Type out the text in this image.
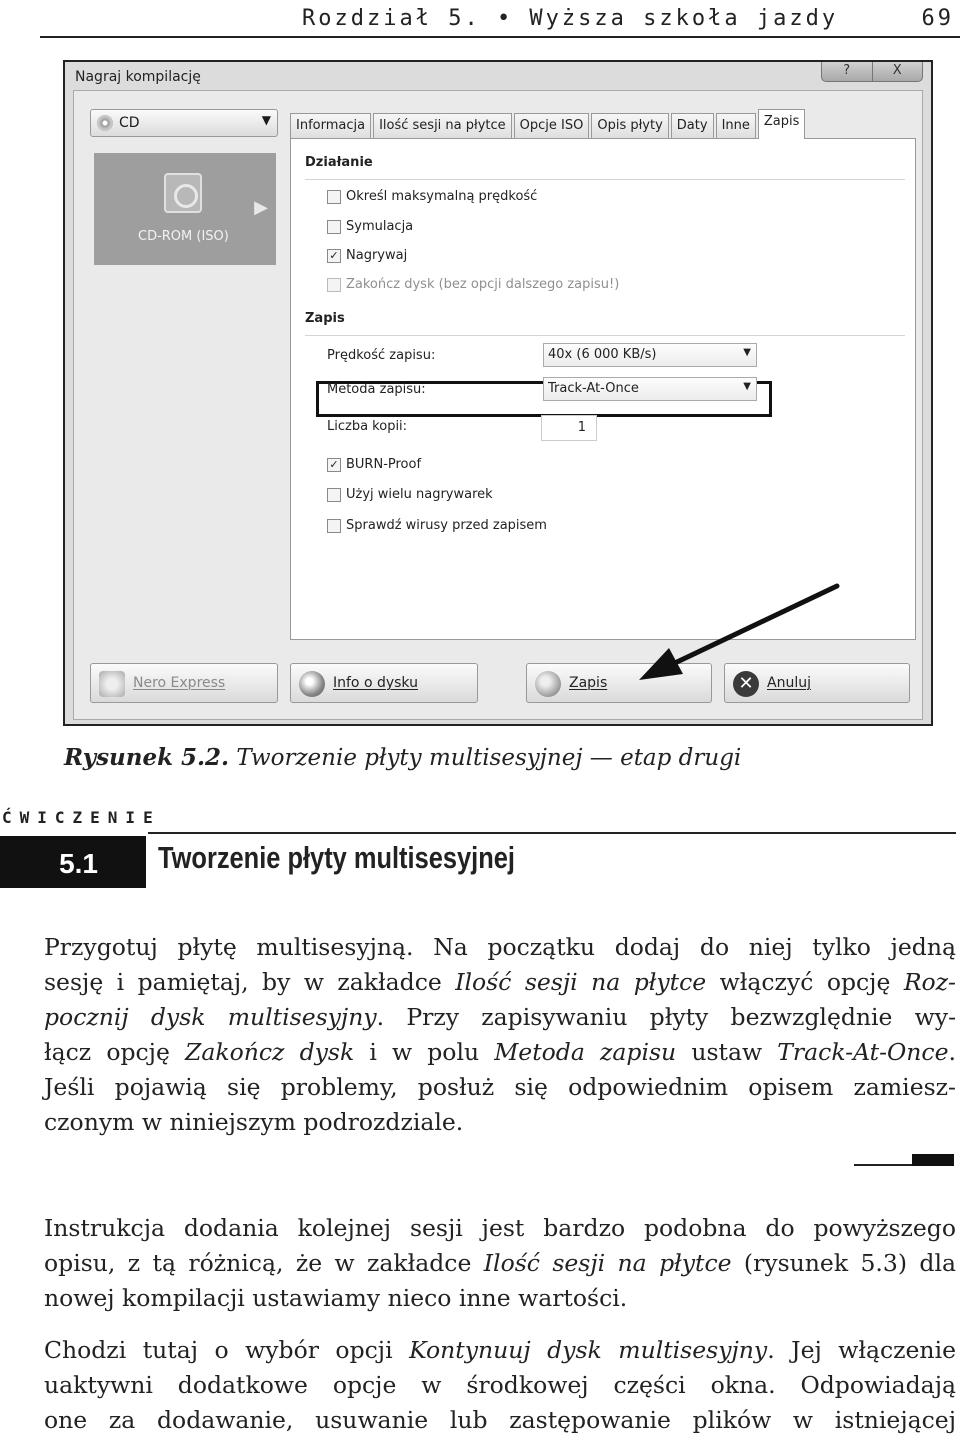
Rozdział 5. • Wyższa szkoła jazdy	69
Nagraj kompilację	?	X
CD	▼
▶
CD-ROM (ISO)
Informacja	Ilość sesji na płytce	Opcje ISO	Opis płyty	Daty	Inne	Zapis
Działanie
Określ maksymalną prędkość
Symulacja
✓ Nagrywaj
Zakończ dysk (bez opcji dalszego zapisu!)
Zapis
Prędkość zapisu:	40x (6 000 KB/s)	▼
Metoda zapisu:	Track-At-Once	▼
Liczba kopii:	1
✓ BURN-Proof
Użyj wielu nagrywarek
Sprawdź wirusy przed zapisem
Nero Express	Info o dysku	Zapis	✕ Anuluj
Rysunek 5.2. Tworzenie płyty multisesyjnej — etap drugi
ĆWICZENIE
5.1	Tworzenie płyty multisesyjnej
Przygotuj płytę multisesyjną. Na początku dodaj do niej tylko jedną
sesję i pamiętaj, by w zakładce Ilość sesji na płytce włączyć opcję Roz-
pocznij dysk multisesyjny. Przy zapisywaniu płyty bezwzględnie wy-
łącz opcję Zakończ dysk i w polu Metoda zapisu ustaw Track-At-Once.
Jeśli pojawią się problemy, posłuż się odpowiednim opisem zamiesz-
czonym w niniejszym podrozdziale.
Instrukcja dodania kolejnej sesji jest bardzo podobna do powyższego
opisu, z tą różnicą, że w zakładce Ilość sesji na płytce (rysunek 5.3) dla
nowej kompilacji ustawiamy nieco inne wartości.
Chodzi tutaj o wybór opcji Kontynuuj dysk multisesyjny. Jej włączenie
uaktywni dodatkowe opcje w środkowej części okna. Odpowiadają
one za dodawanie, usuwanie lub zastępowanie plików w istniejącej
